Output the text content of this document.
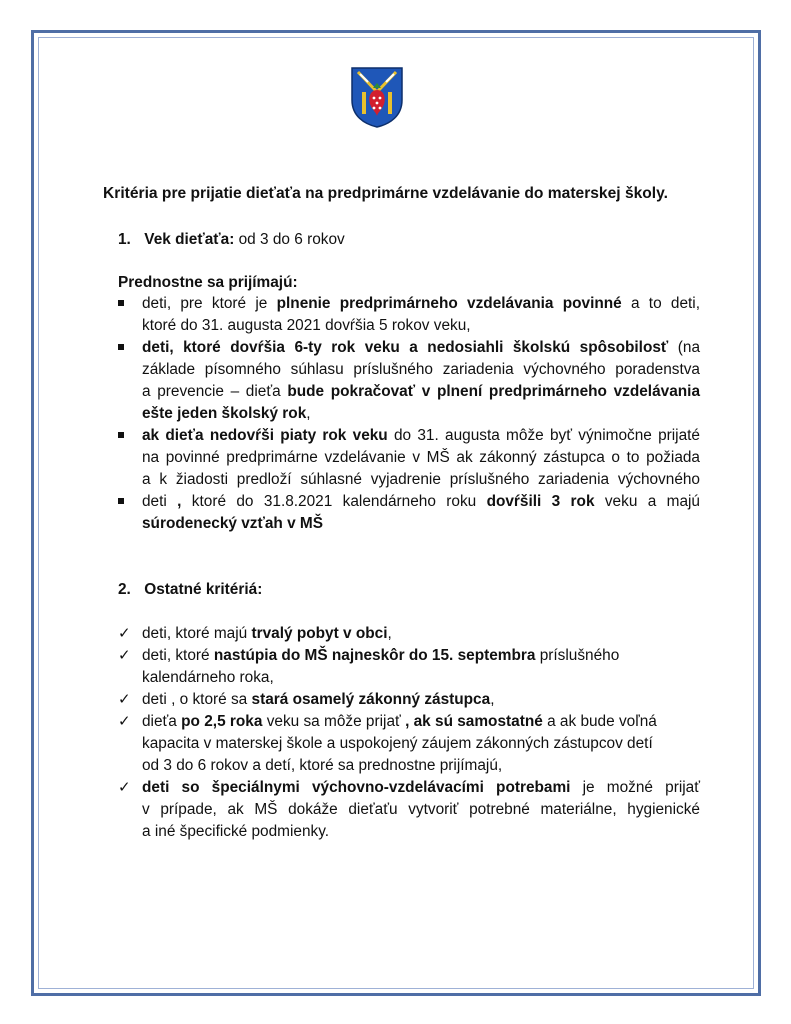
Kritéria pre prijatie dieťaťa na predprimárne vzdelávanie do materskej školy.
1. Vek dieťaťa: od 3 do 6 rokov
Prednostne sa prijímajú:
deti, pre ktoré je plnenie predprimárneho vzdelávania povinné a to deti,
ktoré do 31. augusta 2021 dovŕšia 5 rokov veku,
deti, ktoré dovŕšia 6-ty rok veku a nedosiahli školskú spôsobilosť (na
základe písomného súhlasu príslušného zariadenia výchovného poradenstva
a prevencie – dieťa bude pokračovať v plnení predprimárneho vzdelávania
ešte jeden školský rok,
ak dieťa nedovŕši piaty rok veku do 31. augusta môže byť výnimočne prijaté
na povinné predprimárne vzdelávanie v MŠ ak zákonný zástupca o to požiada
a k žiadosti predloží súhlasné vyjadrenie príslušného zariadenia výchovného
deti , ktoré do 31.8.2021 kalendárneho roku dovŕšili 3 rok veku a majú
súrodenecký vzťah v MŠ
2. Ostatné kritériá:
✓ deti, ktoré majú trvalý pobyt v obci,
✓ deti, ktoré nastúpia do MŠ najneskôr do 15. septembra príslušného
kalendárneho roka,
✓ deti , o ktoré sa stará osamelý zákonný zástupca,
✓ dieťa po 2,5 roka veku sa môže prijať , ak sú samostatné a ak bude voľná
kapacita v materskej škole a uspokojený záujem zákonných zástupcov detí
od 3 do 6 rokov a detí, ktoré sa prednostne prijímajú,
✓ deti so špeciálnymi výchovno-vzdelávacími potrebami je možné prijať
v prípade, ak MŠ dokáže dieťaťu vytvoriť potrebné materiálne, hygienické
a iné špecifické podmienky.
